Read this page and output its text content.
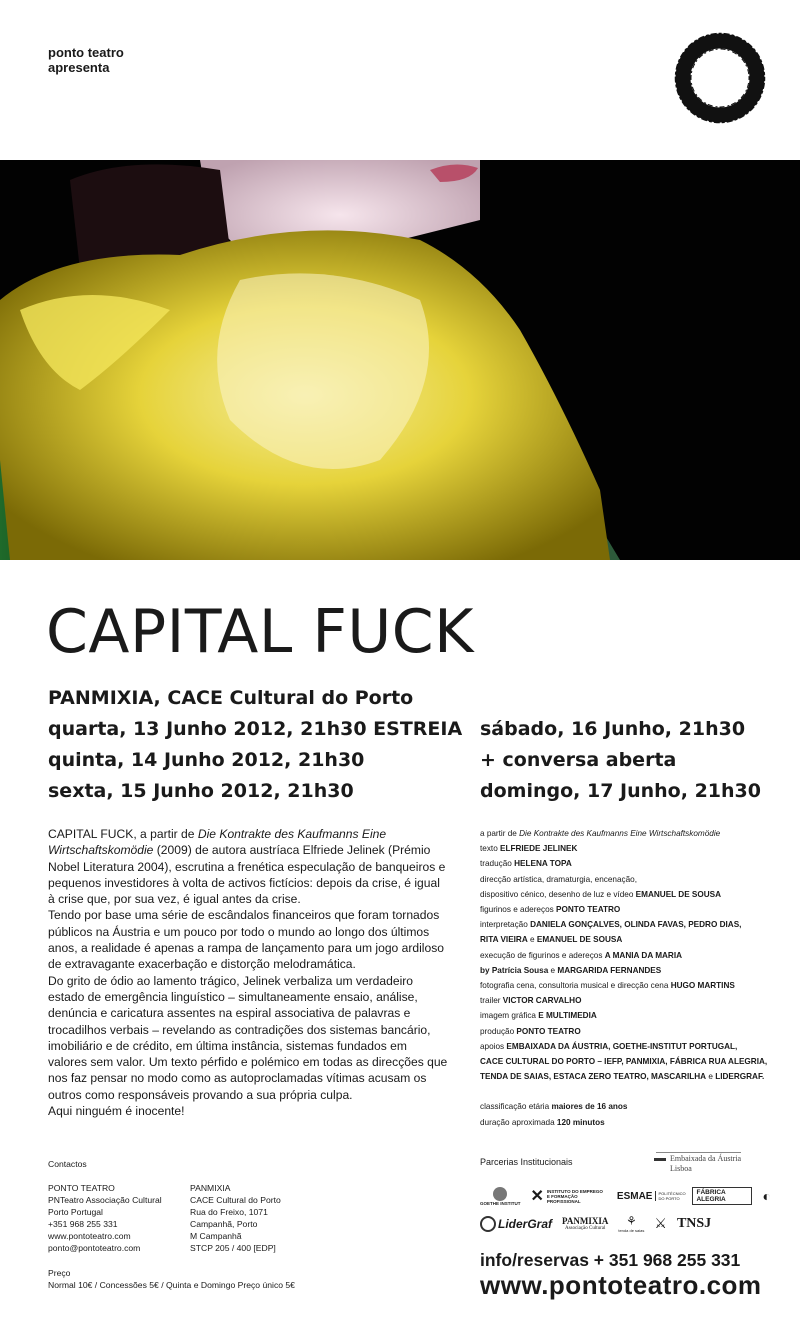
ponto teatro
apresenta
CAPITAL FUCK
PANMIXIA, CACE Cultural do Porto
quarta, 13 Junho 2012, 21h30 ESTREIA
quinta, 14 Junho 2012, 21h30
sexta, 15 Junho 2012, 21h30
sábado, 16 Junho, 21h30
+ conversa aberta
domingo, 17 Junho, 21h30

CAPITAL FUCK, a partir de Die Kontrakte des Kaufmanns Eine Wirtschaftskomödie (2009) de autora austríaca Elfriede Jelinek (Prémio Nobel Literatura 2004), escrutina a frenética especulação de banqueiros e pequenos investidores à volta de activos fictícios: depois da crise, é igual à crise que, por sua vez, é igual antes da crise.

Tendo por base uma série de escândalos financeiros que foram tornados públicos na Áustria e um pouco por todo o mundo ao longo dos últimos anos, a realidade é apenas a rampa de lançamento para um jogo ardiloso de extravagante exacerbação e distorção melodramática.

Do grito de ódio ao lamento trágico, Jelinek verbaliza um verdadeiro estado de emergência linguístico – simultaneamente ensaio, análise, denúncia e caricatura assentes na espiral associativa de palavras e trocadilhos verbais – revelando as contradições dos sistemas bancário, imobiliário e de crédito, em última instância, sistemas fundados em valores sem valor. Um texto pérfido e polémico em todas as direcções que nos faz pensar no modo como as autoproclamadas vítimas acusam os outros como responsáveis provando a sua própria culpa.

Aqui ninguém é inocente!

a partir de Die Kontrakte des Kaufmanns Eine Wirtschaftskomödie

texto ELFRIEDE JELINEK

tradução HELENA TOPA

direcção artística, dramaturgia, encenação,

dispositivo cénico, desenho de luz e vídeo EMANUEL DE SOUSA

figurinos e adereços PONTO TEATRO

interpretação DANIELA GONÇALVES, OLINDA FAVAS, PEDRO DIAS,

RITA VIEIRA e EMANUEL DE SOUSA

execução de figurinos e adereços A MANIA DA MARIA

by Patrícia Sousa e MARGARIDA FERNANDES

fotografia cena, consultoria musical e direcção cena HUGO MARTINS

trailer VICTOR CARVALHO

imagem gráfica E MULTIMEDIA

produção PONTO TEATRO

apoios EMBAIXADA DA ÁUSTRIA, GOETHE-INSTITUT PORTUGAL,

CACE CULTURAL DO PORTO – IEFP, PANMIXIA, FÁBRICA RUA ALEGRIA,

TENDA DE SAIAS, ESTACA ZERO TEATRO, MASCARILHA e LIDERGRAF.

classificação etária maiores de 16 anos

duração aproximada 120 minutos

Contactos
PONTO TEATRO
PNTeatro Associação Cultural
Porto Portugal
+351 968 255 331
www.pontoteatro.com
ponto@pontoteatro.com
PANMIXIA
CACE Cultural do Porto
Rua do Freixo, 1071
Campanhã, Porto
M Campanhã
STCP 205 / 400 [EDP]
Preço
Normal 10€ / Concessões 5€ / Quinta e Domingo Preço único 5€
Parcerias Institucionais	Embaixada da Áustria
Lisboa
GOETHE INSTITUT ✕ INSTITUTO DO EMPREGO E FORMAÇÃO PROFISSIONAL	ESMAE	POLITÉCNICO DO PORTO
FÁBRICA ALEGRIA	◐
LiderGraf PANMIXIA
Associação Cultural
⚘
tenda de saias ⚔ TNSJ
info/reservas + 351 968 255 331
www.pontoteatro.com
